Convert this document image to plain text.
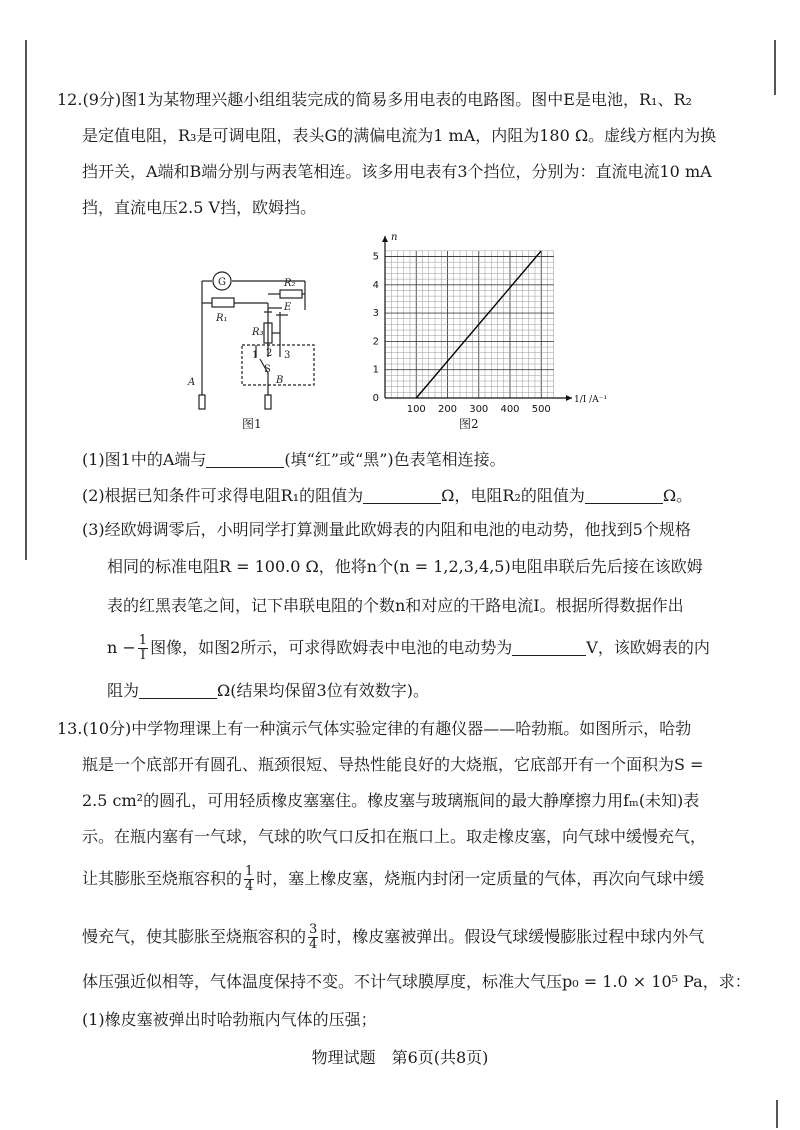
12.(9分)图1为某物理兴趣小组组装完成的简易多用电表的电路图。图中E是电池，R₁、R₂
是定值电阻，R₃是可调电阻，表头G的满偏电流为1 mA，内阻为180 Ω。虚线方框内为换
挡开关，A端和B端分别与两表笔相连。该多用电表有3个挡位，分别为：直流电流10 mA
挡，直流电压2.5 V挡，欧姆挡。
G
R₁
R₂
E
R₃
1 2 3
S
A	B
图1
100 200 300 400 500
0
1
2
3
4
5
n
1/I /A⁻¹
图2
(1)图1中的A端与	(填“红”或“黑”)色表笔相连接。
(2)根据已知条件可求得电阻R₁的阻值为	Ω，电阻R₂的阻值为	Ω。
(3)经欧姆调零后，小明同学打算测量此欧姆表的内阻和电池的电动势，他找到5个规格
相同的标准电阻R = 100.0 Ω，他将n个(n = 1,2,3,4,5)电阻串联后先后接在该欧姆
表的红黑表笔之间，记下串联电阻的个数n和对应的干路电流I。根据所得数据作出
$n - \frac{1}{I}$ 图像，如图2所示，可求得欧姆表中电池的电动势为	V，该欧姆表的内
阻为	Ω(结果均保留3位有效数字)。
13.(10分)中学物理课上有一种演示气体实验定律的有趣仪器——哈勃瓶。如图所示，哈勃
瓶是一个底部开有圆孔、瓶颈很短、导热性能良好的大烧瓶，它底部开有一个面积为S =
2.5 cm²的圆孔，可用轻质橡皮塞塞住。橡皮塞与玻璃瓶间的最大静摩擦力用fₘ(未知)表
示。在瓶内塞有一气球，气球的吹气口反扣在瓶口上。取走橡皮塞，向气球中缓慢充气，
让其膨胀至烧瓶容积的 $\frac{1}{4}$ 时，塞上橡皮塞，烧瓶内封闭一定质量的气体，再次向气球中缓
慢充气，使其膨胀至烧瓶容积的 $\frac{3}{4}$ 时，橡皮塞被弹出。假设气球缓慢膨胀过程中球内外气
体压强近似相等，气体温度保持不变。不计气球膜厚度，标准大气压p₀ = 1.0 × 10⁵ Pa，求：
(1)橡皮塞被弹出时哈勃瓶内气体的压强；
物理试题　第6页(共8页)
